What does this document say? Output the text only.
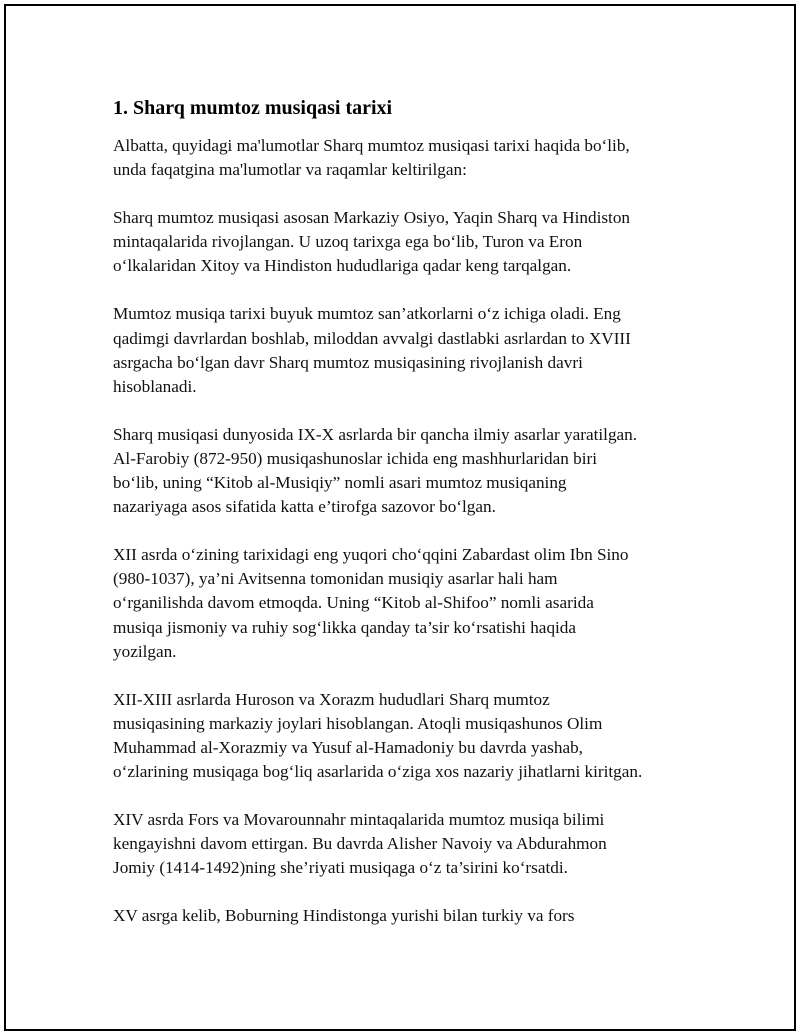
1. Sharq mumtoz musiqasi tarixi

Albatta, quyidagi ma'lumotlar Sharq mumtoz musiqasi tarixi haqida bo‘lib,
unda faqatgina ma'lumotlar va raqamlar keltirilgan:

Sharq mumtoz musiqasi asosan Markaziy Osiyo, Yaqin Sharq va Hindiston
mintaqalarida rivojlangan. U uzoq tarixga ega bo‘lib, Turon va Eron
o‘lkalaridan Xitoy va Hindiston hududlariga qadar keng tarqalgan.

Mumtoz musiqa tarixi buyuk mumtoz san’atkorlarni o‘z ichiga oladi. Eng
qadimgi davrlardan boshlab, miloddan avvalgi dastlabki asrlardan to XVIII
asrgacha bo‘lgan davr Sharq mumtoz musiqasining rivojlanish davri
hisoblanadi.

Sharq musiqasi dunyosida IX-X asrlarda bir qancha ilmiy asarlar yaratilgan.
Al-Farobiy (872-950) musiqashunoslar ichida eng mashhurlaridan biri
bo‘lib, uning “Kitob al-Musiqiy” nomli asari mumtoz musiqaning
nazariyaga asos sifatida katta e’tirofga sazovor bo‘lgan.

XII asrda o‘zining tarixidagi eng yuqori cho‘qqini Zabardast olim Ibn Sino
(980-1037), ya’ni Avitsenna tomonidan musiqiy asarlar hali ham
o‘rganilishda davom etmoqda. Uning “Kitob al-Shifoo” nomli asarida
musiqa jismoniy va ruhiy sog‘likka qanday ta’sir ko‘rsatishi haqida
yozilgan.

XII-XIII asrlarda Huroson va Xorazm hududlari Sharq mumtoz
musiqasining markaziy joylari hisoblangan. Atoqli musiqashunos Olim
Muhammad al-Xorazmiy va Yusuf al-Hamadoniy bu davrda yashab,
o‘zlarining musiqaga bog‘liq asarlarida o‘ziga xos nazariy jihatlarni kiritgan.

XIV asrda Fors va Movarounnahr mintaqalarida mumtoz musiqa bilimi
kengayishni davom ettirgan. Bu davrda Alisher Navoiy va Abdurahmon
Jomiy (1414-1492)ning she’riyati musiqaga o‘z ta’sirini ko‘rsatdi.

XV asrga kelib, Boburning Hindistonga yurishi bilan turkiy va fors
